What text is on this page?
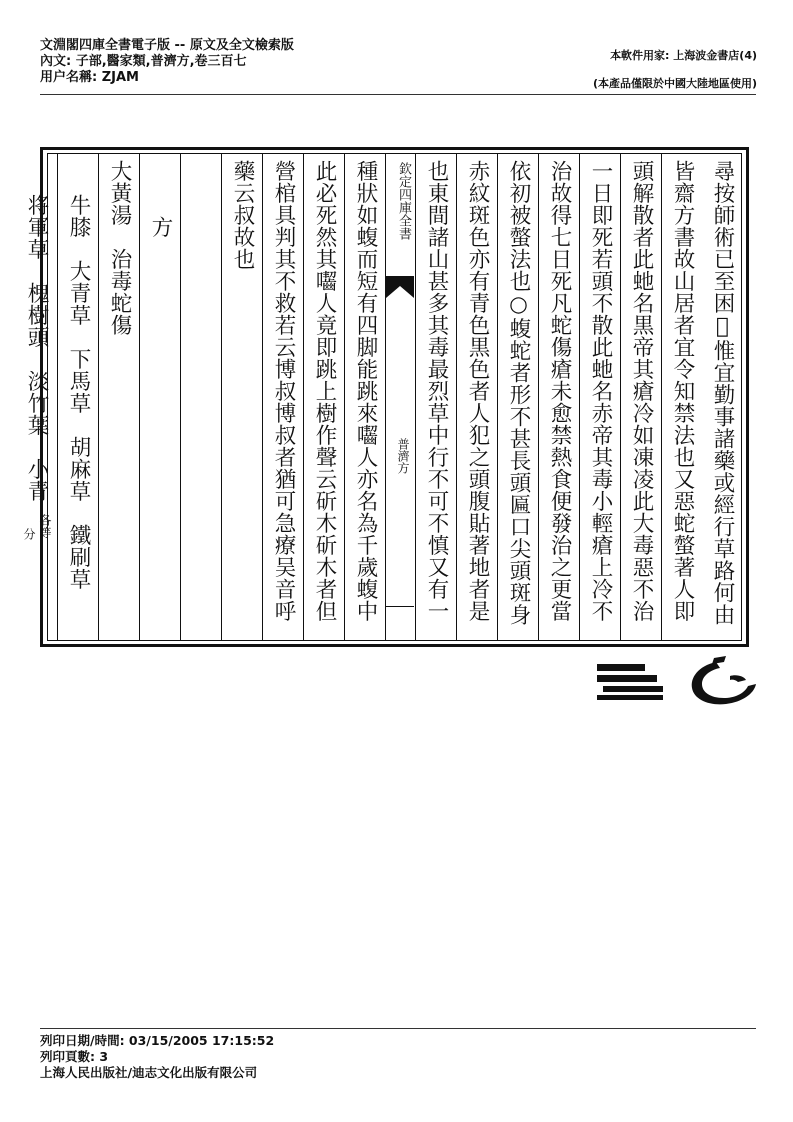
文淵閣四庫全書電子版 -- 原文及全文檢索版
內文: 子部,醫家類,普濟方,卷三百七
用户名稱: ZJAM
本軟件用家: 上海波金書店(4)
(本產品僅限於中國大陸地區使用)
尋按師術已至困𩭹惟宜勤事諸藥或經行草路何由
皆齋方書故山居者宜令知禁法也又惡蛇螫著人即
頭解散者此虵名黒帝其瘡冷如凍凌此大毒惡不治
一日即死若頭不散此虵名赤帝其毒小輕瘡上冷不
治故得七日死凡蛇傷瘡未愈禁熱食便發治之更當
依初被螫法也○蝮蛇者形不甚長頭匾口尖頭斑身
赤紋斑色亦有青色黒色者人犯之頭腹貼著地者是
也東間諸山甚多其毒最烈草中行不可不慎又有一
欽定四庫全書
普濟方
種狀如蝮而短有四脚能跳來囓人亦名為千歲蝮中
此必死然其囓人竟即跳上樹作聲云斫木斫木者但
營棺具判其不救若云博叔博叔者猶可急療吴音呼
藥云叔故也
方
大黃湯　治毒蛇傷
牛膝　大青草　下馬草　胡麻草　鐵刷草
将軍草　槐樹頭　淡竹葉　小青
各等
分
列印日期/時間: 03/15/2005 17:15:52
列印頁數: 3
上海人民出版社/迪志文化出版有限公司
